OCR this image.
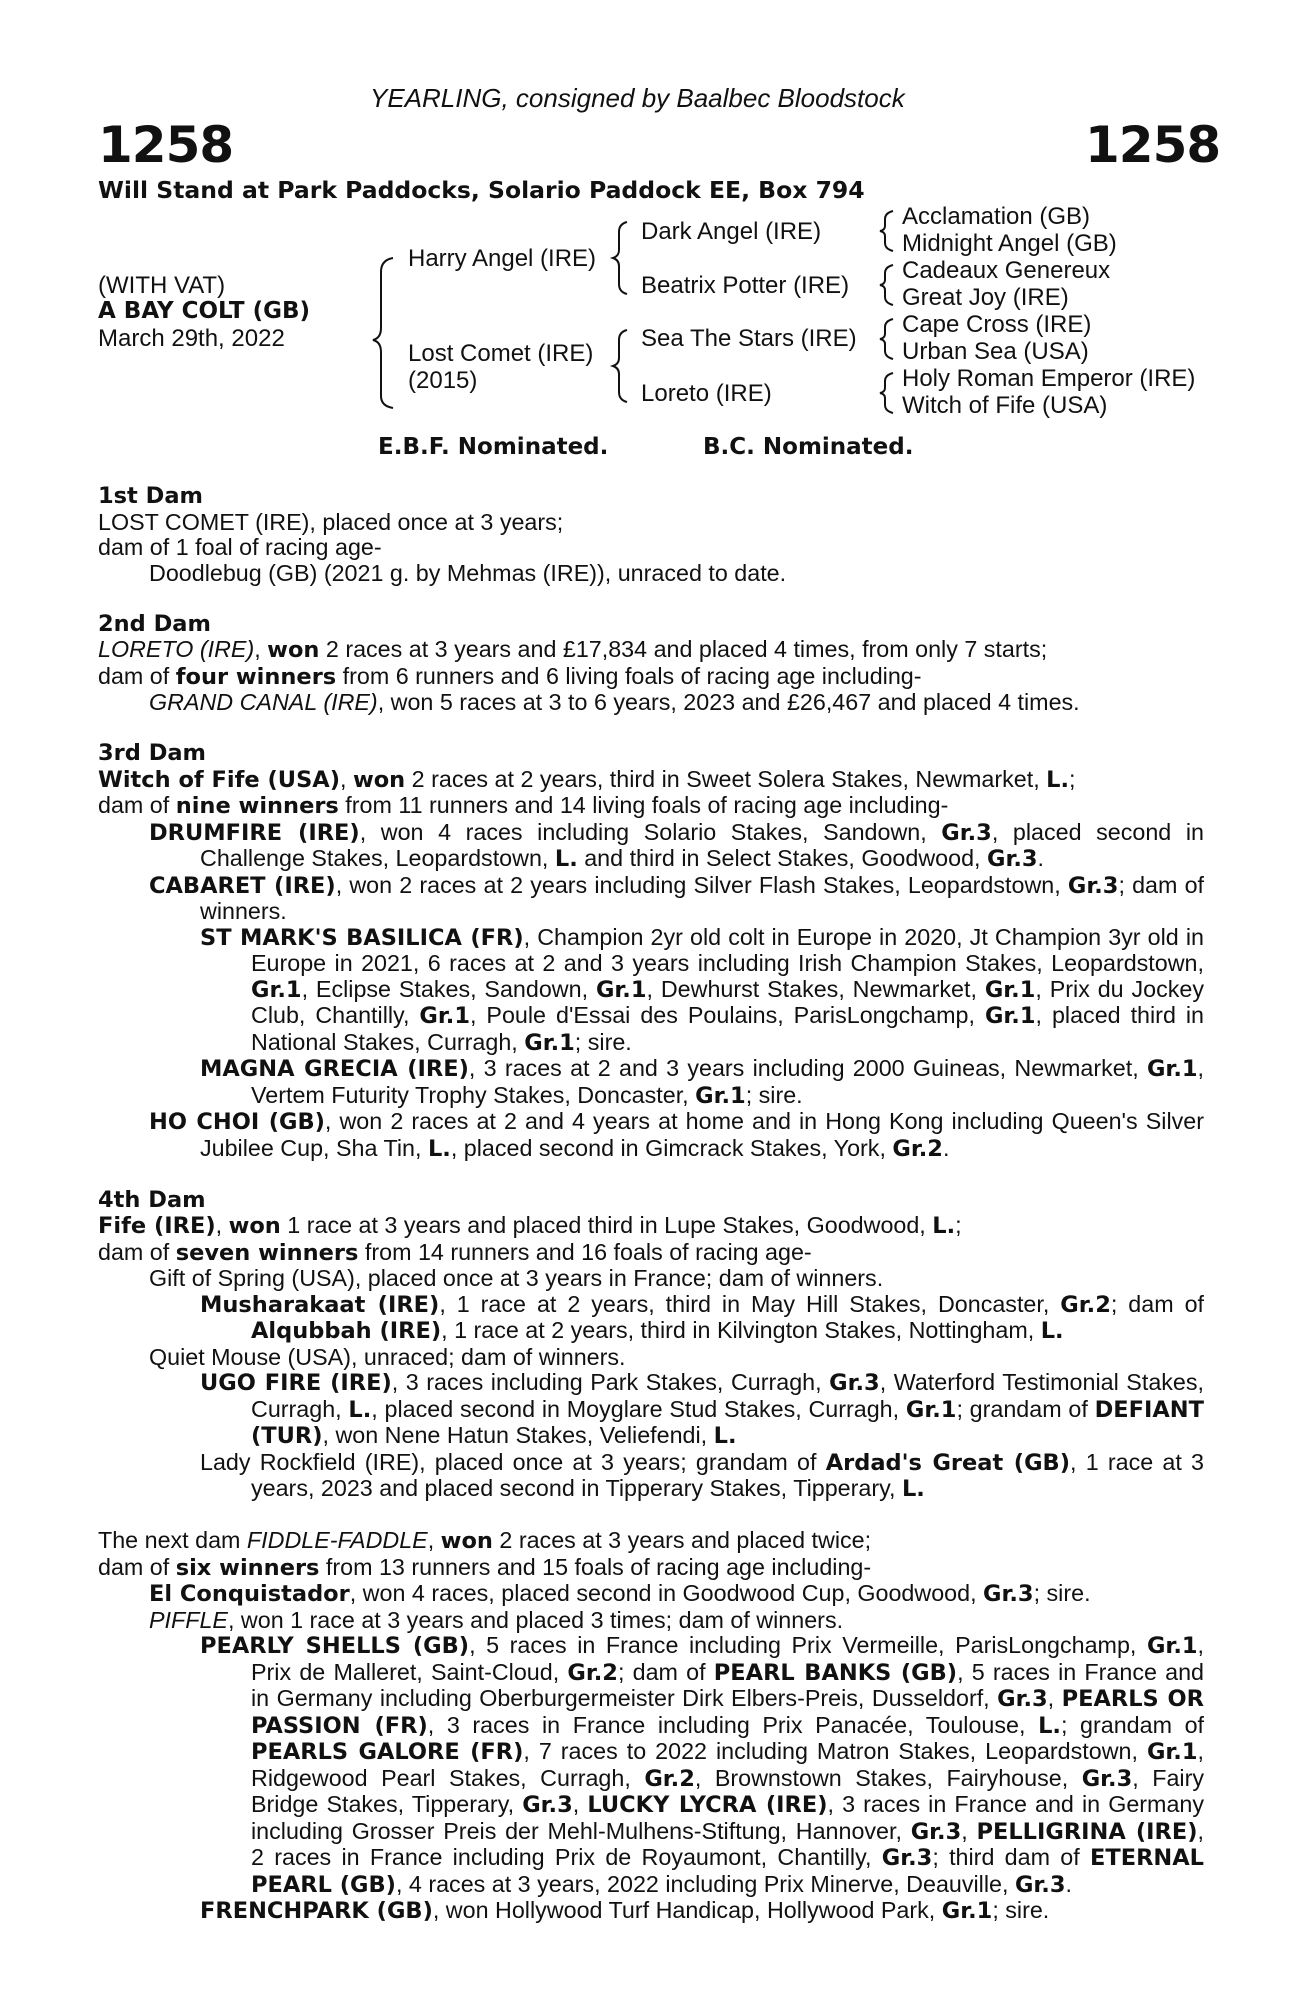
YEARLING, consigned by Baalbec Bloodstock
1258	1258
Will Stand at Park Paddocks, Solario Paddock EE, Box 794
(WITH VAT)
A BAY COLT (GB)
March 29th, 2022
Harry Angel (IRE)
Lost Comet (IRE)
(2015)
Dark Angel (IRE)
Beatrix Potter (IRE)
Sea The Stars (IRE)
Loreto (IRE)
Acclamation (GB)
Midnight Angel (GB)
Cadeaux Genereux
Great Joy (IRE)
Cape Cross (IRE)
Urban Sea (USA)
Holy Roman Emperor (IRE)
Witch of Fife (USA)
E.B.F. Nominated.	B.C. Nominated.

1st Dam

LOST COMET (IRE), placed once at 3 years;

dam of 1 foal of racing age-

Doodlebug (GB) (2021 g. by Mehmas (IRE)), unraced to date.

2nd Dam

LORETO (IRE), won 2 races at 3 years and £17,834 and placed 4 times, from only 7 starts;

dam of four winners from 6 runners and 6 living foals of racing age including-

GRAND CANAL (IRE), won 5 races at 3 to 6 years, 2023 and £26,467 and placed 4 times.

3rd Dam

Witch of Fife (USA), won 2 races at 2 years, third in Sweet Solera Stakes, Newmarket, L.;

dam of nine winners from 11 runners and 14 living foals of racing age including-

DRUMFIRE (IRE), won 4 races including Solario Stakes, Sandown, Gr.3, placed second in Challenge Stakes, Leopardstown, L. and third in Select Stakes, Goodwood, Gr.3.

CABARET (IRE), won 2 races at 2 years including Silver Flash Stakes, Leopardstown, Gr.3; dam of winners.

ST MARK'S BASILICA (FR), Champion 2yr old colt in Europe in 2020, Jt Champion 3yr old in Europe in 2021, 6 races at 2 and 3 years including Irish Champion Stakes, Leopardstown, Gr.1, Eclipse Stakes, Sandown, Gr.1, Dewhurst Stakes, Newmarket, Gr.1, Prix du Jockey Club, Chantilly, Gr.1, Poule d'Essai des Poulains, ParisLongchamp, Gr.1, placed third in National Stakes, Curragh, Gr.1; sire.

MAGNA GRECIA (IRE), 3 races at 2 and 3 years including 2000 Guineas, Newmarket, Gr.1, Vertem Futurity Trophy Stakes, Doncaster, Gr.1; sire.

HO CHOI (GB), won 2 races at 2 and 4 years at home and in Hong Kong including Queen's Silver Jubilee Cup, Sha Tin, L., placed second in Gimcrack Stakes, York, Gr.2.

4th Dam

Fife (IRE), won 1 race at 3 years and placed third in Lupe Stakes, Goodwood, L.;

dam of seven winners from 14 runners and 16 foals of racing age-

Gift of Spring (USA), placed once at 3 years in France; dam of winners.

Musharakaat (IRE), 1 race at 2 years, third in May Hill Stakes, Doncaster, Gr.2; dam of Alqubbah (IRE), 1 race at 2 years, third in Kilvington Stakes, Nottingham, L.

Quiet Mouse (USA), unraced; dam of winners.

UGO FIRE (IRE), 3 races including Park Stakes, Curragh, Gr.3, Waterford Testimonial Stakes, Curragh, L., placed second in Moyglare Stud Stakes, Curragh, Gr.1; grandam of DEFIANT (TUR), won Nene Hatun Stakes, Veliefendi, L.

Lady Rockfield (IRE), placed once at 3 years; grandam of Ardad's Great (GB), 1 race at 3 years, 2023 and placed second in Tipperary Stakes, Tipperary, L.

The next dam FIDDLE-FADDLE, won 2 races at 3 years and placed twice;

dam of six winners from 13 runners and 15 foals of racing age including-

El Conquistador, won 4 races, placed second in Goodwood Cup, Goodwood, Gr.3; sire.

PIFFLE, won 1 race at 3 years and placed 3 times; dam of winners.

PEARLY SHELLS (GB), 5 races in France including Prix Vermeille, ParisLongchamp, Gr.1, Prix de Malleret, Saint-Cloud, Gr.2; dam of PEARL BANKS (GB), 5 races in France and in Germany including Oberburgermeister Dirk Elbers-Preis, Dusseldorf, Gr.3, PEARLS OR PASSION (FR), 3 races in France including Prix Panacée, Toulouse, L.; grandam of PEARLS GALORE (FR), 7 races to 2022 including Matron Stakes, Leopardstown, Gr.1, Ridgewood Pearl Stakes, Curragh, Gr.2, Brownstown Stakes, Fairyhouse, Gr.3, Fairy Bridge Stakes, Tipperary, Gr.3, LUCKY LYCRA (IRE), 3 races in France and in Germany including Grosser Preis der Mehl-Mulhens-Stiftung, Hannover, Gr.3, PELLIGRINA (IRE), 2 races in France including Prix de Royaumont, Chantilly, Gr.3; third dam of ETERNAL PEARL (GB), 4 races at 3 years, 2022 including Prix Minerve, Deauville, Gr.3.

FRENCHPARK (GB), won Hollywood Turf Handicap, Hollywood Park, Gr.1; sire.
